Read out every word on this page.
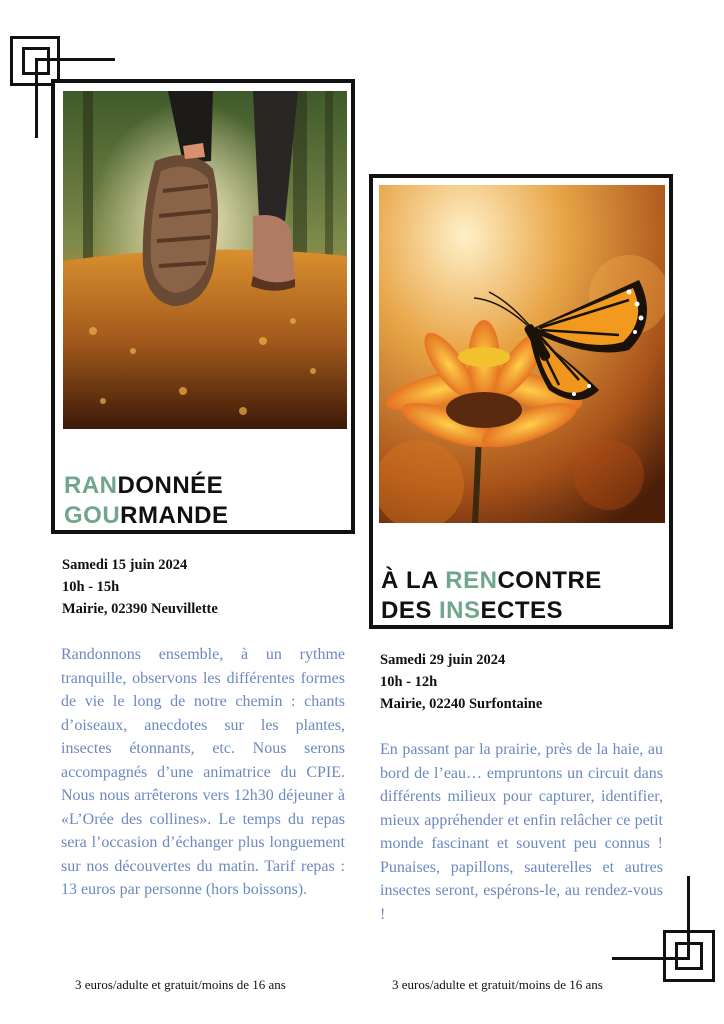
RANDONNÉE
GOURMANDE
Samedi 15 juin 2024
10h - 15h
Mairie, 02390 Neuvillette
Randonnons ensemble, à un rythme tranquille, observons les différentes formes de vie le long de notre chemin : chants d’oiseaux, anecdotes sur les plantes, insectes étonnants, etc. Nous serons accompagnés d’une animatrice du CPIE. Nous nous arrêterons vers 12h30 déjeuner à «L’Orée des collines». Le temps du repas sera l’occasion d’échanger plus longuement sur nos découvertes du matin. Tarif repas : 13 euros par personne (hors boissons).
3 euros/adulte et gratuit/moins de 16 ans
À LA RENCONTRE
DES INSECTES
Samedi 29 juin 2024
10h - 12h
Mairie, 02240 Surfontaine
En passant par la prairie, près de la haie, au bord de l’eau… empruntons un circuit dans différents milieux pour capturer, identifier, mieux appréhender et enfin relâcher ce petit monde fascinant et souvent peu connus ! Punaises, papillons, sauterelles et autres insectes seront, espérons-le, au rendez-vous !
3 euros/adulte et gratuit/moins de 16 ans
